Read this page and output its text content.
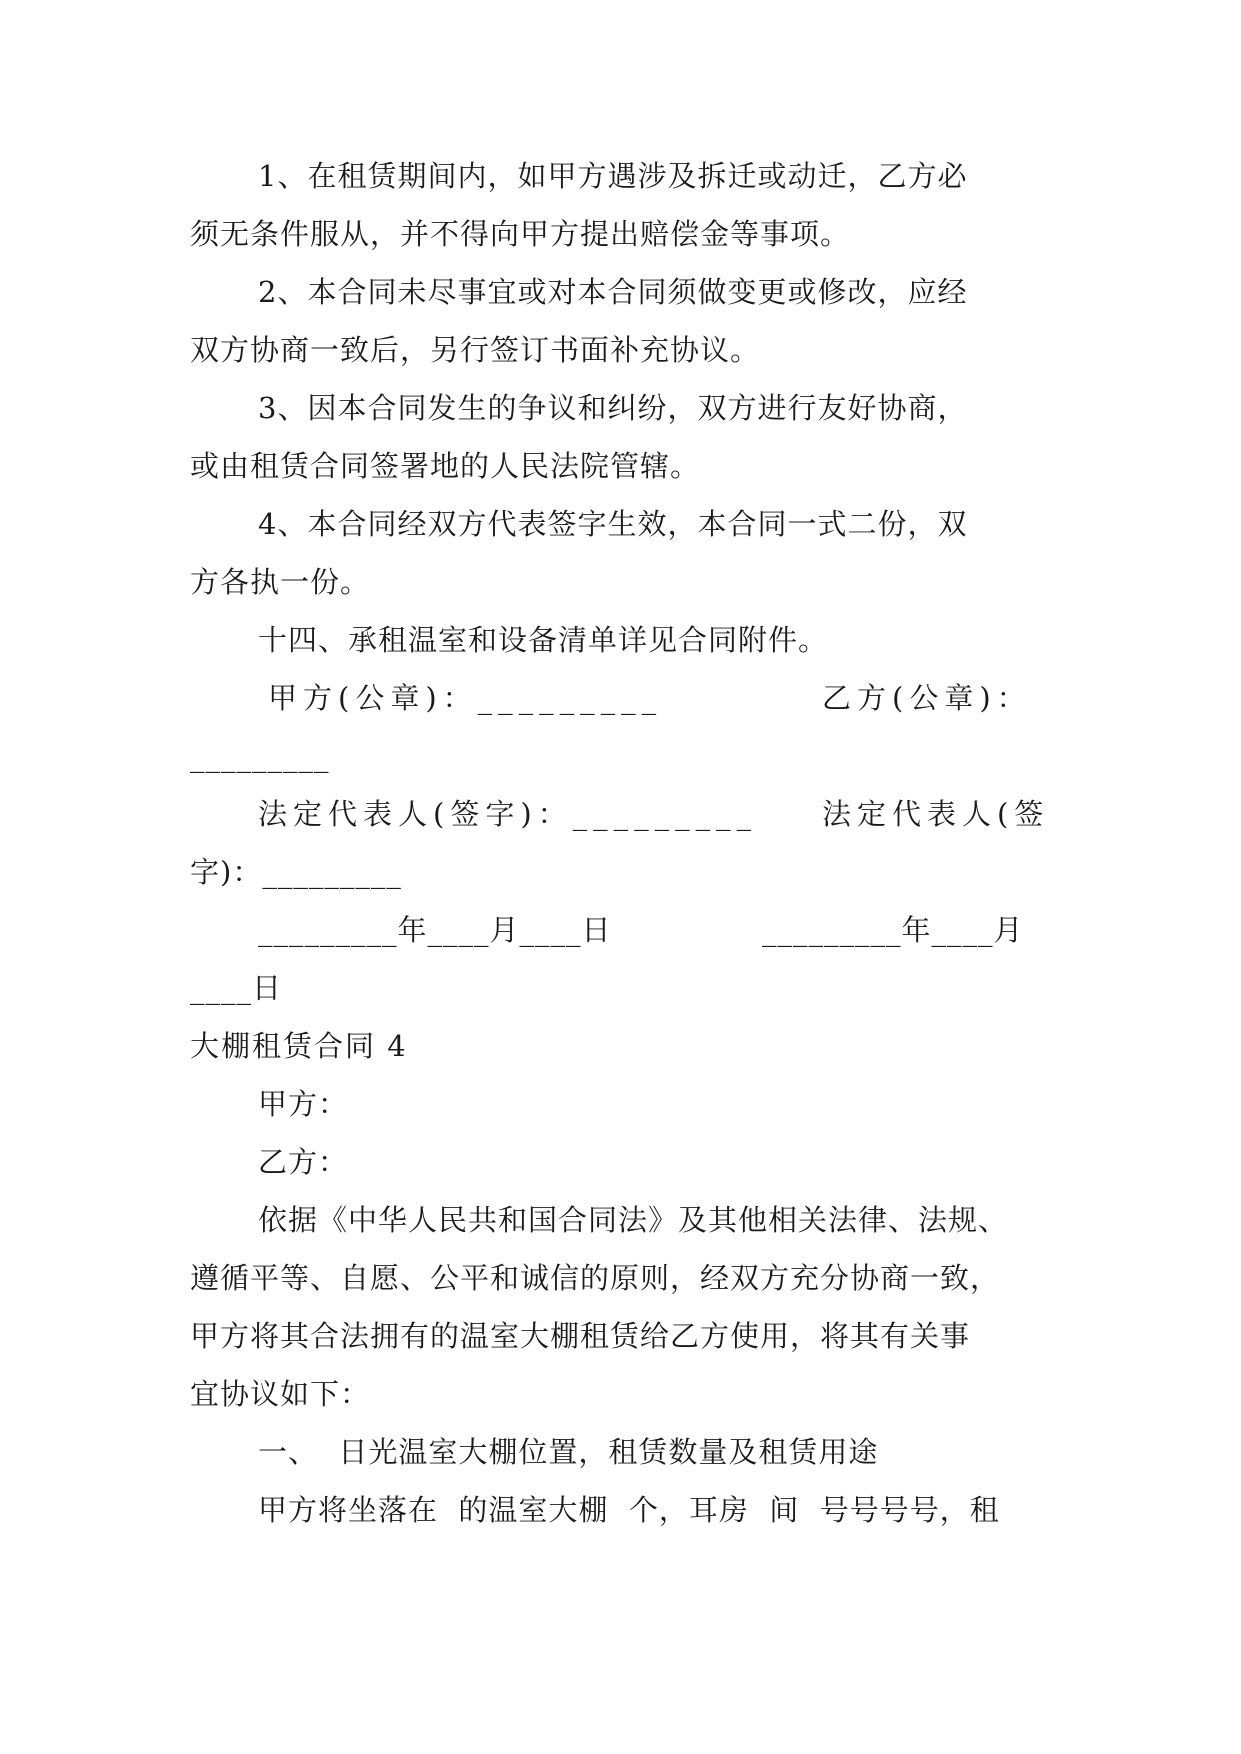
1、在租赁期间内，如甲方遇涉及拆迁或动迁，乙方必
须无条件服从，并不得向甲方提出赔偿金等事项。
2、本合同未尽事宜或对本合同须做变更或修改，应经
双方协商一致后，另行签订书面补充协议。
3、因本合同发生的争议和纠纷，双方进行友好协商，
或由租赁合同签署地的人民法院管辖。
4、本合同经双方代表签字生效，本合同一式二份，双
方各执一份。
十四、承租温室和设备清单详见合同附件。
甲方(公章)：_________	乙方(公章)：
_________
法定代表人(签字)：_________ 法定代表人(签
字)：_________
_________年____月____日	_________年____月
____日
大棚租赁合同 4
甲方：
乙方：
依据《中华人民共和国合同法》及其他相关法律、法规、
遵循平等、自愿、公平和诚信的原则，经双方充分协商一致，
甲方将其合法拥有的温室大棚租赁给乙方使用，将其有关事
宜协议如下：
一、  日光温室大棚位置，租赁数量及租赁用途
甲方将坐落在  的温室大棚  个，耳房  间  号号号号，租
